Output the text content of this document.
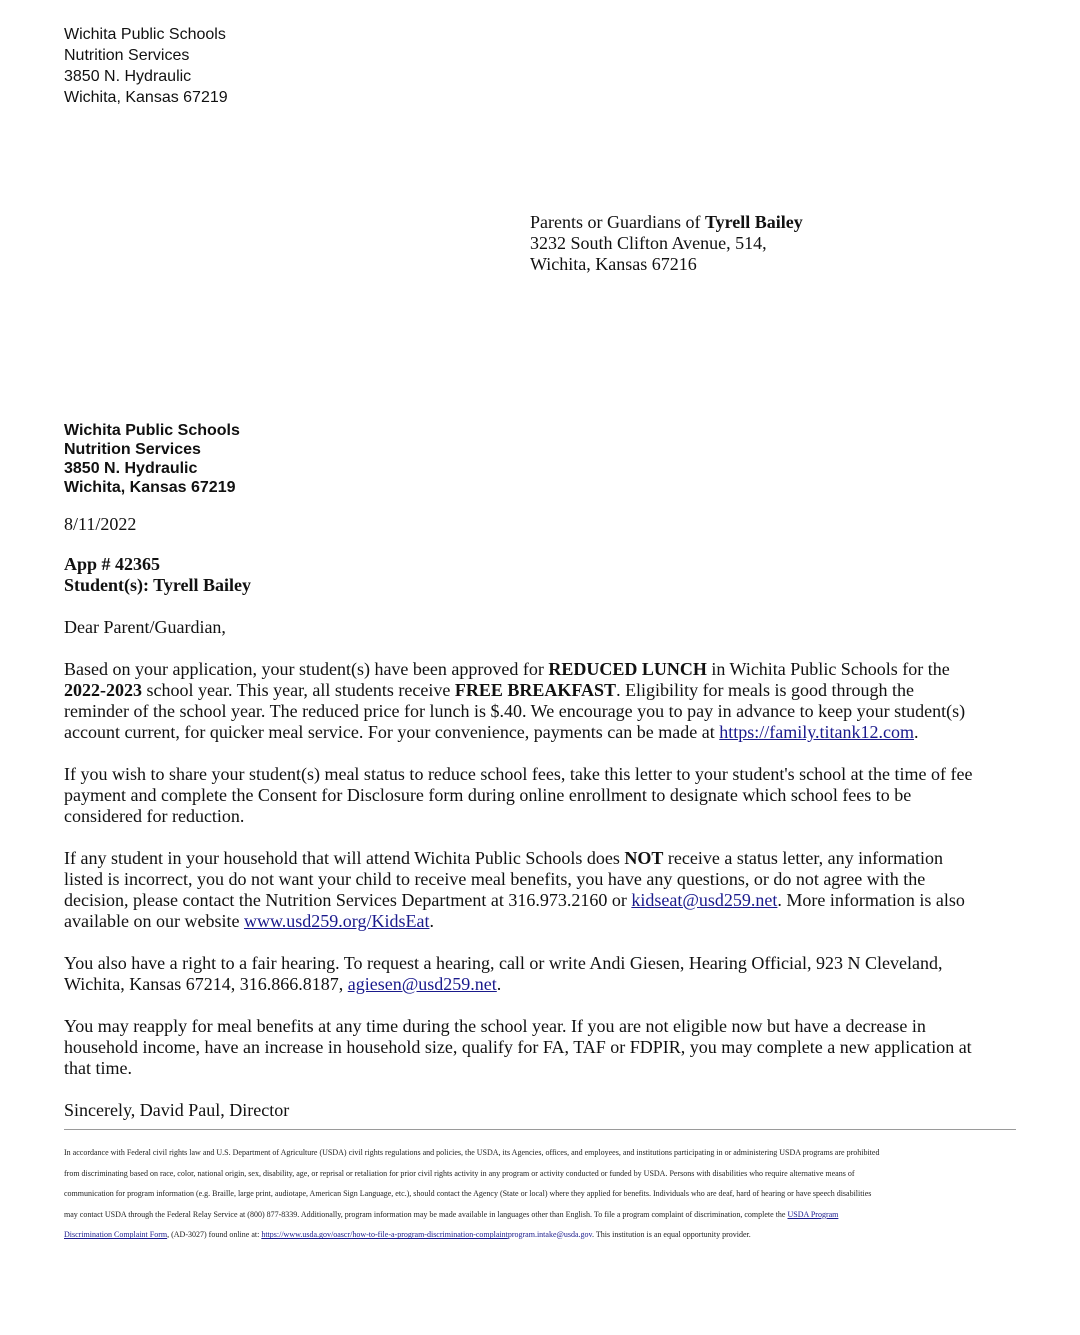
Wichita Public Schools
Nutrition Services
3850 N. Hydraulic
Wichita, Kansas 67219
Parents or Guardians of Tyrell Bailey
3232 South Clifton Avenue, 514,
Wichita, Kansas 67216
Wichita Public Schools
Nutrition Services
3850 N. Hydraulic
Wichita, Kansas 67219
8/11/2022
App # 42365
Student(s): Tyrell Bailey
Dear Parent/Guardian,
Based on your application, your student(s) have been approved for REDUCED LUNCH in Wichita Public Schools for the
2022-2023 school year. This year, all students receive FREE BREAKFAST. Eligibility for meals is good through the
reminder of the school year. The reduced price for lunch is $.40. We encourage you to pay in advance to keep your student(s)
account current, for quicker meal service. For your convenience, payments can be made at https://family.titank12.com.
If you wish to share your student(s) meal status to reduce school fees, take this letter to your student's school at the time of fee
payment and complete the Consent for Disclosure form during online enrollment to designate which school fees to be
considered for reduction.
If any student in your household that will attend Wichita Public Schools does NOT receive a status letter, any information
listed is incorrect, you do not want your child to receive meal benefits, you have any questions, or do not agree with the
decision, please contact the Nutrition Services Department at 316.973.2160 or kidseat@usd259.net. More information is also
available on our website www.usd259.org/KidsEat.
You also have a right to a fair hearing. To request a hearing, call or write Andi Giesen, Hearing Official, 923 N Cleveland,
Wichita, Kansas 67214, 316.866.8187, agiesen@usd259.net.
You may reapply for meal benefits at any time during the school year. If you are not eligible now but have a decrease in
household income, have an increase in household size, qualify for FA, TAF or FDPIR, you may complete a new application at
that time.
Sincerely, David Paul, Director
In accordance with Federal civil rights law and U.S. Department of Agriculture (USDA) civil rights regulations and policies, the USDA, its Agencies, offices, and employees, and institutions participating in or administering USDA programs are prohibited
from discriminating based on race, color, national origin, sex, disability, age, or reprisal or retaliation for prior civil rights activity in any program or activity conducted or funded by USDA. Persons with disabilities who require alternative means of
communication for program information (e.g. Braille, large print, audiotape, American Sign Language, etc.), should contact the Agency (State or local) where they applied for benefits. Individuals who are deaf, hard of hearing or have speech disabilities
may contact USDA through the Federal Relay Service at (800) 877-8339. Additionally, program information may be made available in languages other than English. To file a program complaint of discrimination, complete the USDA Program
Discrimination Complaint Form, (AD-3027) found online at: https://www.usda.gov/oascr/how-to-file-a-program-discrimination-complaintprogram.intake@usda.gov. This institution is an equal opportunity provider.
